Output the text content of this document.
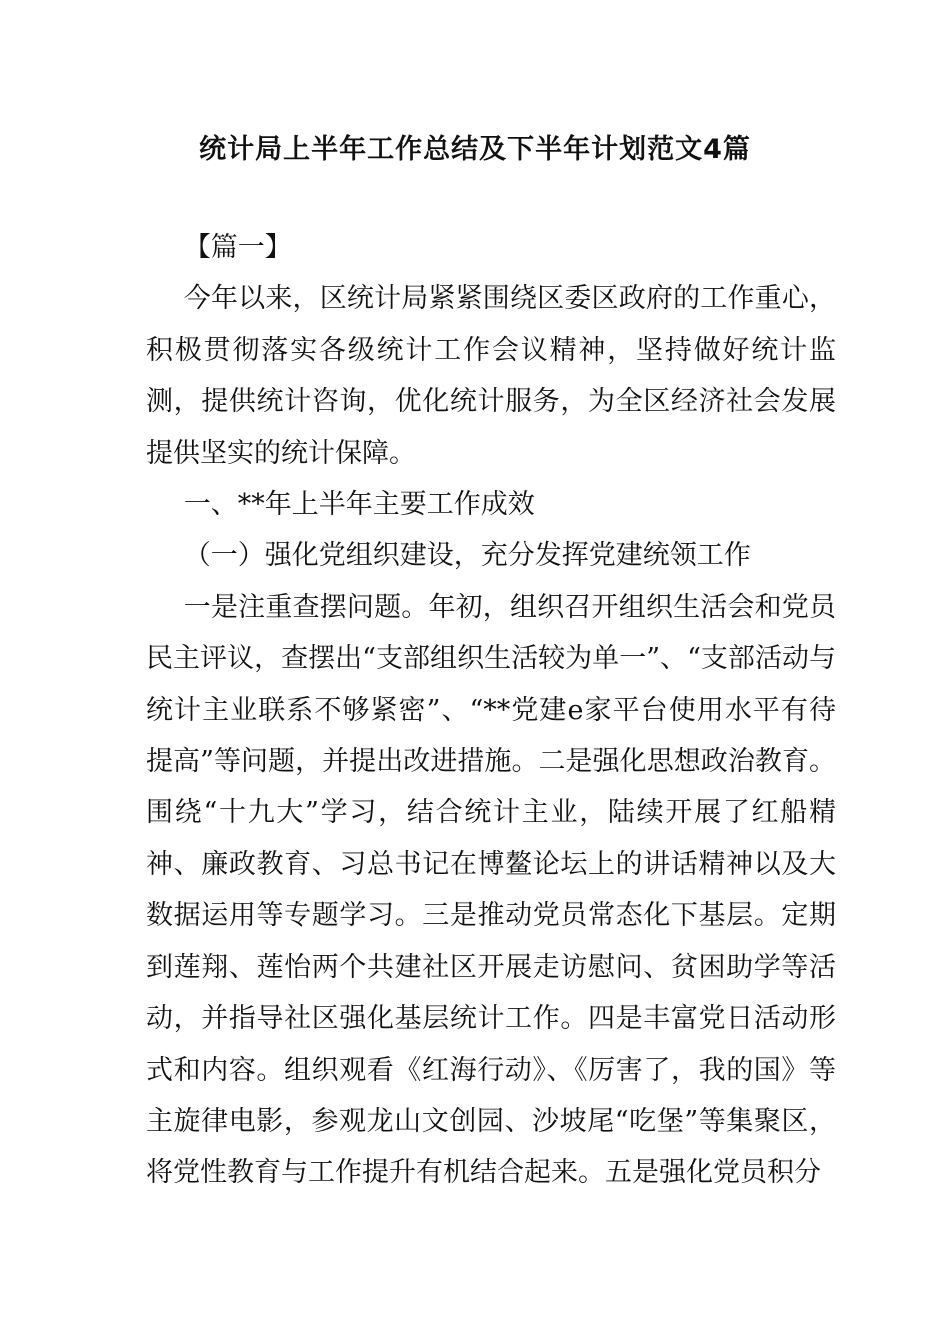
统计局上半年工作总结及下半年计划范文4篇

【篇一】

今年以来，区统计局紧紧围绕区委区政府的工作重心，积极贯彻落实各级统计工作会议精神，坚持做好统计监测，提供统计咨询，优化统计服务，为全区经济社会发展提供坚实的统计保障。

一、**年上半年主要工作成效

（一）强化党组织建设，充分发挥党建统领工作

一是注重查摆问题。年初，组织召开组织生活会和党员民主评议，查摆出“支部组织生活较为单一”、“支部活动与统计主业联系不够紧密”、“**党建e家平台使用水平有待提高”等问题，并提出改进措施。二是强化思想政治教育。围绕“十九大”学习，结合统计主业，陆续开展了红船精神、廉政教育、习总书记在博鳌论坛上的讲话精神以及大数据运用等专题学习。三是推动党员常态化下基层。定期到莲翔、莲怡两个共建社区开展走访慰问、贫困助学等活动，并指导社区强化基层统计工作。四是丰富党日活动形式和内容。组织观看《红海行动》、《厉害了，我的国》等主旋律电影，参观龙山文创园、沙坡尾“吃堡”等集聚区，将党性教育与工作提升有机结合起来。五是强化党员积分
